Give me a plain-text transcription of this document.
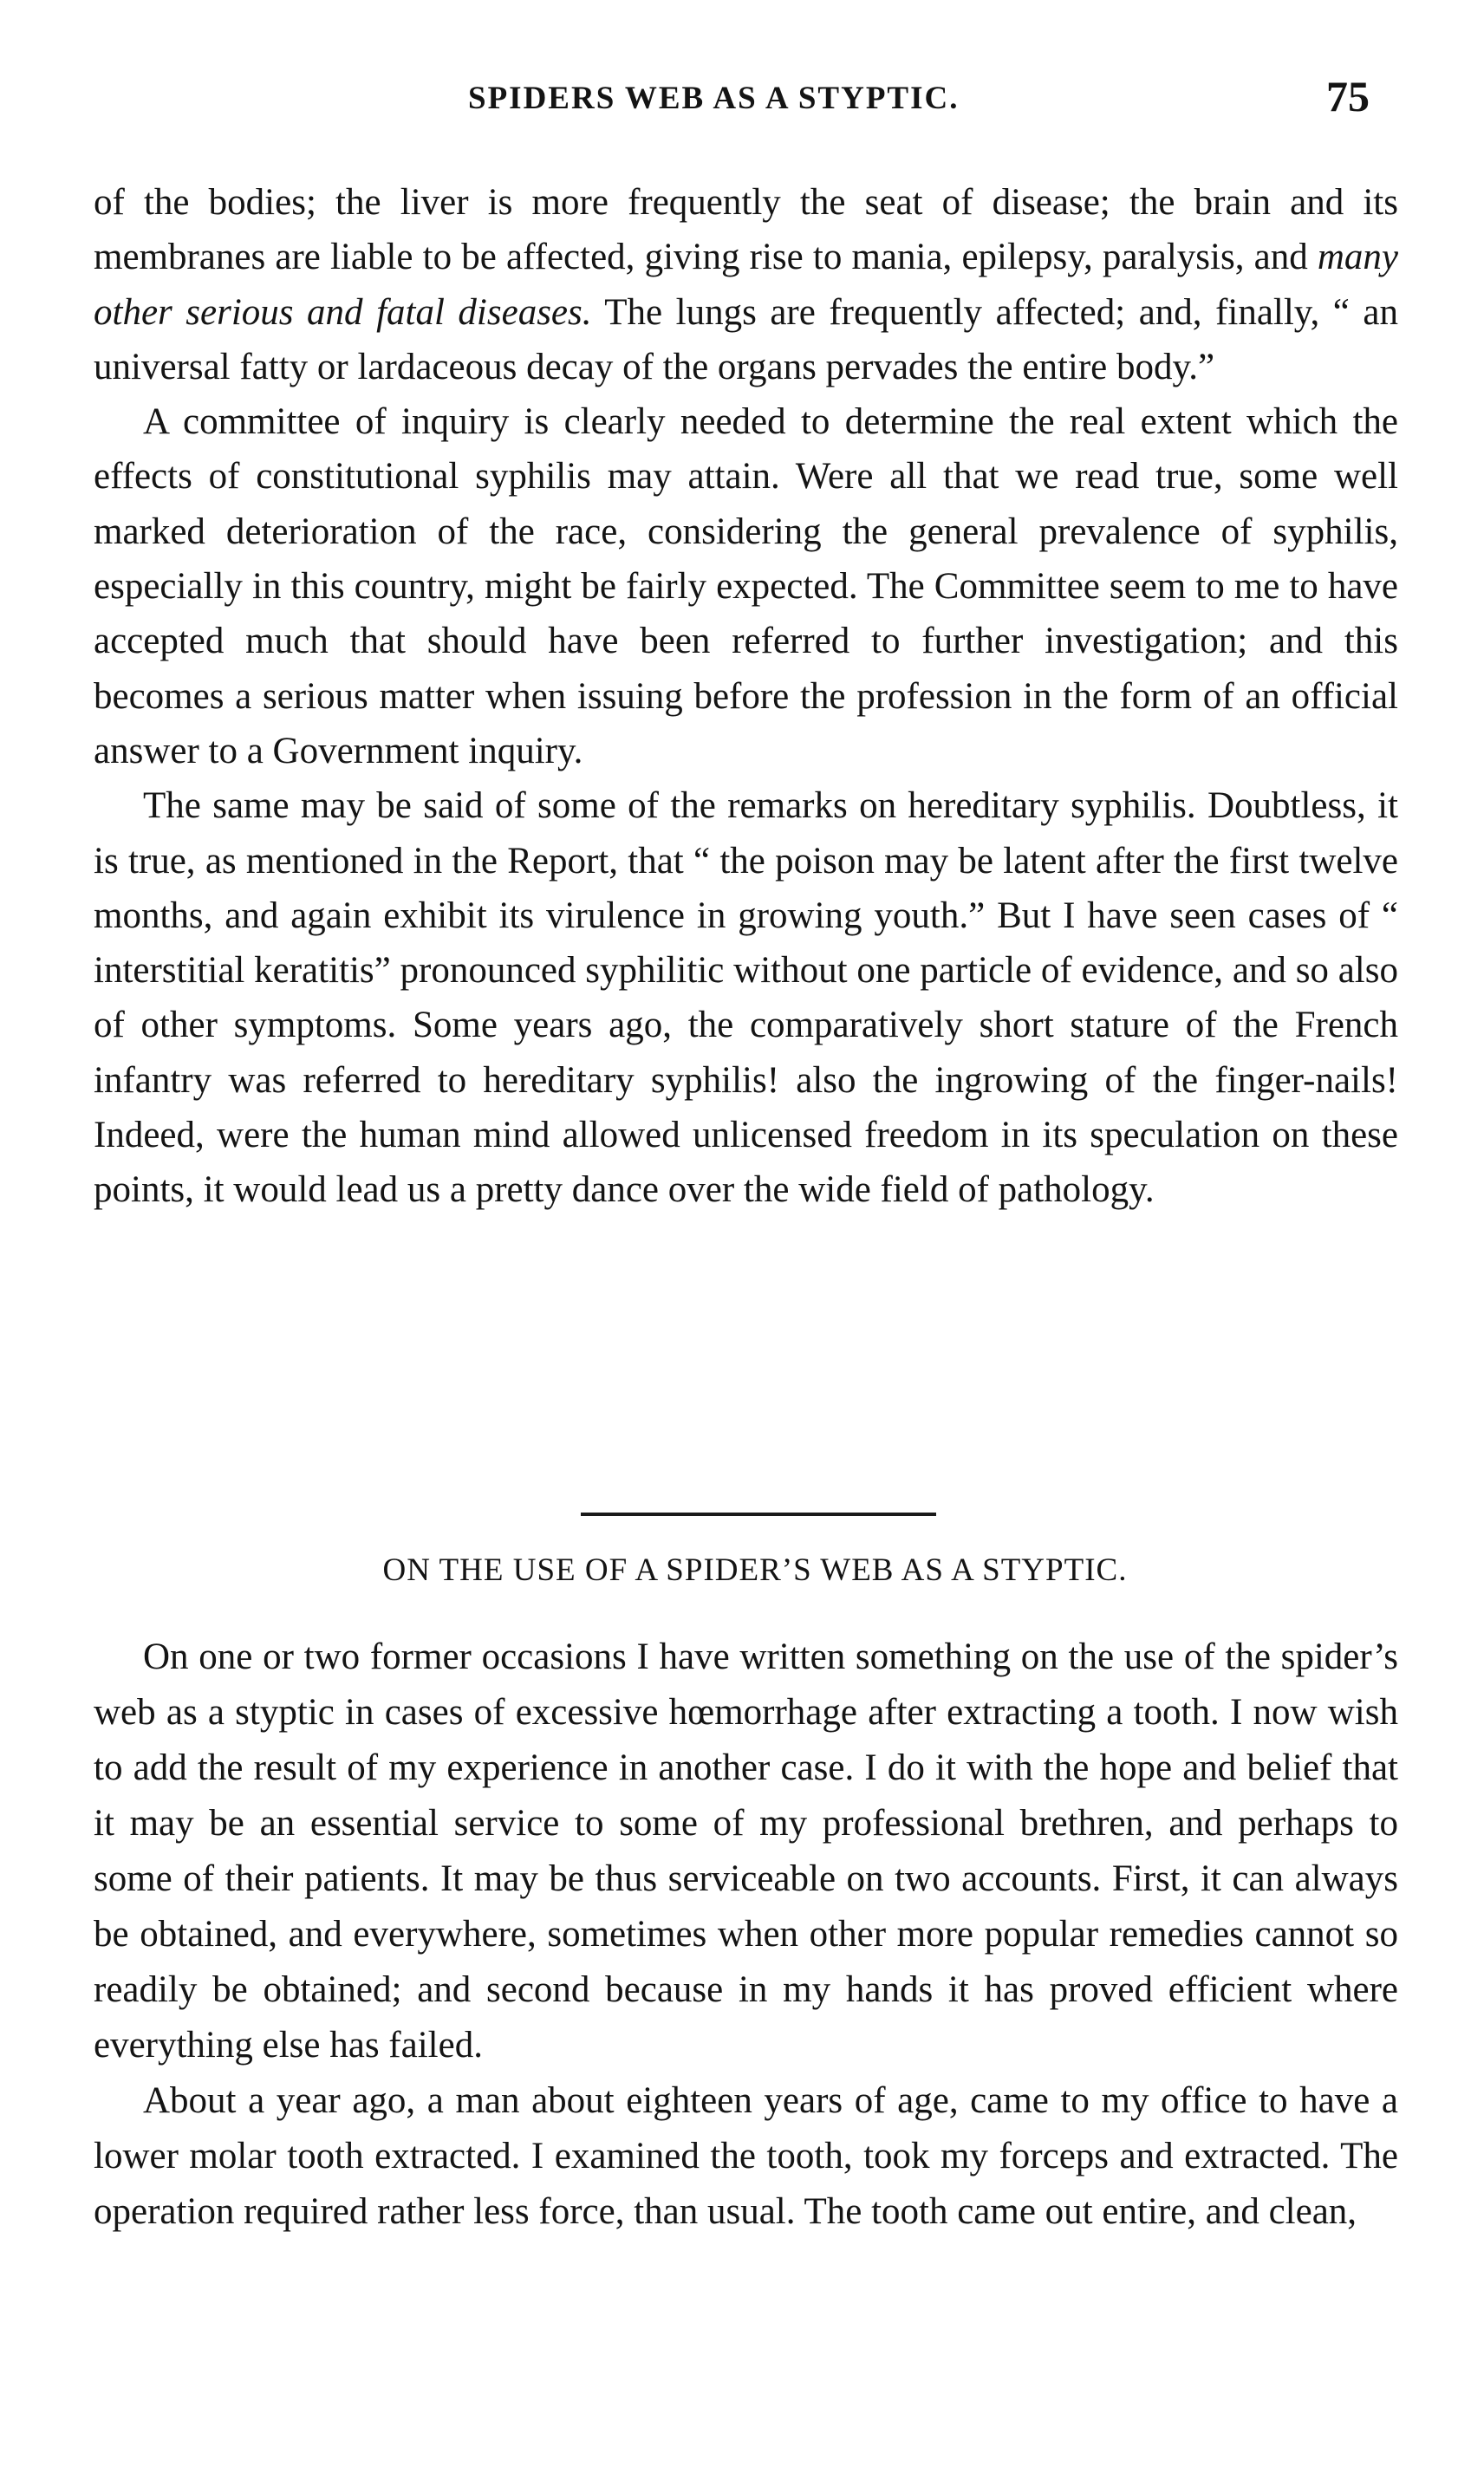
SPIDERS WEB AS A STYPTIC.	75

of the bodies; the liver is more frequently the seat of disease; the brain and its membranes are liable to be affected, giving rise to mania, epilepsy, paralysis, and many other serious and fatal diseases. The lungs are frequently affected; and, finally, “ an universal fatty or lardaceous decay of the organs pervades the entire body.”

A committee of inquiry is clearly needed to determine the real extent which the effects of constitutional syphilis may attain. Were all that we read true, some well marked deterioration of the race, considering the general prevalence of syphilis, especially in this country, might be fairly expected. The Committee seem to me to have accepted much that should have been referred to further investigation; and this becomes a serious matter when issuing before the profession in the form of an official answer to a Government inquiry.

The same may be said of some of the remarks on hereditary syphilis. Doubtless, it is true, as mentioned in the Report, that “ the poison may be latent after the first twelve months, and again exhibit its virulence in growing youth.” But I have seen cases of “ interstitial keratitis” pronounced syphilitic without one particle of evidence, and so also of other symptoms. Some years ago, the comparatively short stature of the French infantry was referred to hereditary syphilis! also the ingrowing of the finger-nails! Indeed, were the human mind allowed unlicensed freedom in its speculation on these points, it would lead us a pretty dance over the wide field of pathology.

ON THE USE OF A SPIDER’S WEB AS A STYPTIC.

On one or two former occasions I have written something on the use of the spider’s web as a styptic in cases of excessive hœmorrhage after extracting a tooth. I now wish to add the result of my experience in another case. I do it with the hope and belief that it may be an essential service to some of my professional brethren, and perhaps to some of their patients. It may be thus serviceable on two accounts. First, it can always be obtained, and everywhere, sometimes when other more popular remedies cannot so readily be obtained; and second because in my hands it has proved efficient where everything else has failed.

About a year ago, a man about eighteen years of age, came to my office to have a lower molar tooth extracted. I examined the tooth, took my forceps and extracted. The operation required rather less force, than usual. The tooth came out entire, and clean,
